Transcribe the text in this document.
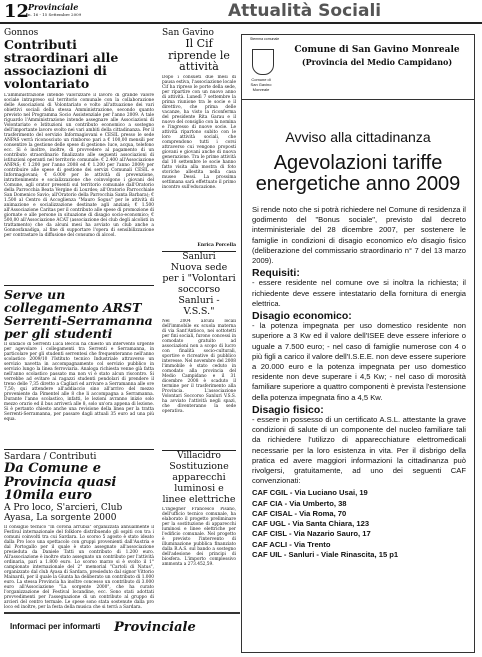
12
Provinciale
n. 16 - 15 Settembre 2009	Attualità Sociali
Gonnos
Contributi straordinari alle associazioni di volontariato
L'amministrazione intende valorizzare il lavoro di grande valore sociale intrapreso sul territorio comunale con la collaborazione delle Associazioni di Volontariato e volto all'attuazione dei vari obiettivi sociali della stessa Amministrazione, secondo quanto previsto nel Programma Socio Assistenziale per l'anno 2009. A tale riguardo l'Amministrazione intende assegnare alle Associazioni di Volontariato e Istituzioni un contributo economico a sostegno dell'importante lavoro svolto nei vari ambiti della cittadinanza. Per il trasferimento del servizio Informagiovani e CESIL presso le sede ANPAS verrà riconosciuto un rimborso pari a € 100,00 mensili per consentire la gestione delle spese di gestione: luce, acqua, telefono ecc. Si è inoltre, inoltre, di provvedere al pagamento di un contributo straordinario finalizzato alle seguenti associazioni di istituzioni operanti nel territorio comunale: € 2.400 all'Associazione ANPAS; € 1.200 per l'anno 2008 ed € 1.200 per l'anno 2009) per contribuire alle spese di gestione dei servizi Comunali CESIL e Informagiovani; € 6.000 per le attività di prevenzione, intrattenimento e socializzazione che coinvolgono i giovani del Comune, agli orator presenti sul territorio comunale dall'Oratorio della Parrocchia Beata Vergine di Lourdes; all'Oratorio Parrocchiale San Domenico Savio; all'Oratorio della Parrocchia Santa Barbara); € 1.500 al Centro di Accoglienza "Mauro Sogus" per le attività di animazione e socializzazione destinate agli anziani; € 1.500 all'Associazione Caritas per il contributo alle spese di promozione di giornate e alle persone in situazione di disagio socio-economico; € 500,00 all'Associazione ACAT (associazione dei club degli alcolisti in trattamento) che da alcuni mesi ha avviato un club anche a Gonnosfanadiga, al fine di supportare l'opera di sensibilizzazione per contrastare la diffusione del consumo di alcool.
Serve un collegamento ARST Serrenti-Serramanna per gli studenti
Il sindaco di Serrenti Luca Becciu ha chiesto un intervento urgente per agevolare i collegamenti tra Serrenti e Serramanna, in particolare per gli studenti serrentesi che frequenteranno nell'anno scolastico 2009/10 l'Istituto tecnico Industriale attraverso un servizio navetta in accompagnamento col servizio pubblico in servizio lungo la linea ferroviaria. Analoga richiesta venne già fatta nell'anno scolastico passato ma non vi è stato alcun riscontro. Si verrebbe ad evitare ai ragazzi studenti pendolari di prendere il treno delle 7,35 diretto a Cagliari ed arrivare a Serramanna alle ore 7,50; qui attendere all'addiaccio sino all'arrivo del mezzo proveniente da Pimentel alle 8 che li accompagna a Serramanna. Durante l'anno scolastico, infatti, le lezioni avranno inizio solo mezzo orario ed il bus arriverà alle 8, solo un'ora appena di lezione. Si è pertanto chiesto anche una revisione della linea per la tratta Serrenti-Serramanna, per passare dagli attuali 35 euro ad una più equa.
Sardara / Contributi
Da Comune e Provincia quasi 10mila euro
A Pro loco, S'arcieri, Club Ayasa, La sorgente 2000
Il consiglio tecnico "In corona arrubia" organizzata annualmente il Festival internazionale del folklore distribuendo gli ospiti con tra i comuni coinvolti tra cui Sardara. Lo scorso 5 agosto è stato ideato dalla Pro loco una spettacolo con gruppi provenienti dall'Austria e dal Portogallo per il quale è stato assegnato all'associazione presieduta da Daniele Tatti un contributo di 1.200 euro. All'associazione è inoltre stato assegnato un contributo per l'attività ordinaria, pari a 1.800 euro. Lo scorso marzo si è svolto il 1° campionato internazionale del 2° memorial "Cartoli di Natus", organizzato dal club Ayasa di Sardara, presieduto dal signor Vittorio Mainardi, per il quale la Giunta ha deliberato un contributo di 1.000 euro. La stessa Provincia ha inoltre concesso un contributo di 3.000 euro all'Associazione "La sorgente 2000", che ha curato l'organizzazione del Festival locandine, ecc. Sono stati adottati provvedimenti per l'assegnazione di un contributo al gruppo di arcieri del centro termale. Le spese sono stata sostenute dalla pro loco ed inoltre, per la festa della musica che si terrà a Sardara.
San Gavino
Il Cif riprende le attività
Dopo i consueti due mesi di pausa estiva, l'associazione locale Cif ha ripreso le porte della sede, per ripartire con un nuovo anno di attività. Lunedì 7 settembre la prima riunione tra le socie e il direttivo, che prima delle vacanze, ha visto la riconferma del presidente Rita Garau e il nuovo del consiglio con la nomina e l'ingresso di nuove socie. Le attività ripartono subito con le loro attività sociali, che comprendono tutti i corsi attraverso cui vengono proposti giovani e giovani anche di nuova generazione. Tra le prime attività dal 10 settembre le socie hanno fatto visita alla mostra di foto storiche allestita nella casa museo Dessì. La prossima settimana sarà effettuato il primo incontro sull'educazione.
Enrica Porcella
Sanluri
Nuova sede per i "Volontari soccorso Sanluri - V.S.S."
Nel 2004 alcuni locali dell'immobile ex scuola materna di via Sant'Antioco, nei sottotetti per fini sociali, furono concessi in comodato gratuito ad associazioni non a scopo di lucro con finalità socio-culturali, sportive e ricreative di pubblico interesse. Nel novembre del 2008 l'immobile è stato ceduto in comodato alla provincia del Medio Campidano e il 31 dicembre 2008 è scaduto il termine per il trasferimento alla Provincia. L'associazione Volontari Soccorso Sanluri V.S.S. ha avviato l'attività negli spazi, che diventeranno la sede operativa.
Villacidro
Sostituzione apparecchi luminosi e linee elettriche
L'ingegner Francesco Pisano, dell'ufficio tecnico comunale, ha elaborato il progetto preliminare per la sostituzione di apparecchi luminosi e linee elettriche per l'edificio comunale. Nel progetto è previsto l'intervento di illuminazione pubblica finanziato dalla R.A.S. sul bando a sostegno dell'adesione dei principi di biosfera. L'importo complessivo ammonta a 273.452,59.
Stemma comunale
Comune di San Gavino Monreale
Comune di San Gavino Monreale
(Provincia del Medio Campidano)
Avviso alla cittadinanza
Agevolazioni tariffe energetiche anno 2009
Si rende noto che si potrà richiedere nel Comune di residenza il godimento del "Bonus sociale", previsto dal decreto interministeriale del 28 dicembre 2007, per sostenere le famiglie in condizioni di disagio economico e/o disagio fisico (deliberazione del commissario straordinario n° 7 del 13 marzo 2009).
Requisiti:
- essere residente nel comune ove si inoltra la richiesta; il richiedente deve essere intestatario della fornitura di energia elettrica.
Disagio economico:
- la potenza impegnata per uso domestico residente non superiore a 3 Kw ed il valore dell'ISEE deve essere inferiore o uguale a 7.500 euro; - nel caso di famiglie numerose con 4 o più figli a carico il valore dell'I.S.E.E. non deve essere superiore a 20.000 euro e la potenza impegnata per uso domestico residente non deve superare i 4,5 Kw; - nel caso di morosità familiare superiore a quattro componenti è prevista l'estensione della potenza impegnata fino a 4,5 Kw.
Disagio fisico:
- essere in possesso di un certificato A.S.L. attestante la grave condizioni di salute di un componente del nucleo familiare tali da richiedere l'utilizzo di apparecchiature elettromedicali necessarie per la loro esistenza in vita. Per il disbrigo della pratica ed avere maggiori informazioni la cittadinanza può rivolgersi, gratuitamente, ad uno dei seguenti CAF convenzionati:
CAF CGIL - Via Luciano Usai, 19
CAF CIA - Via Umberto, 38
CAF CISAL - Via Roma, 70
CAF UGL - Via Santa Chiara, 123
CAF CISL - Via Nazario Sauro, 17
CAF ACLI - Via Trento
CAF UIL - Sanluri - Viale Rinascita, 15 p1
Informaci per informarti Provinciale
